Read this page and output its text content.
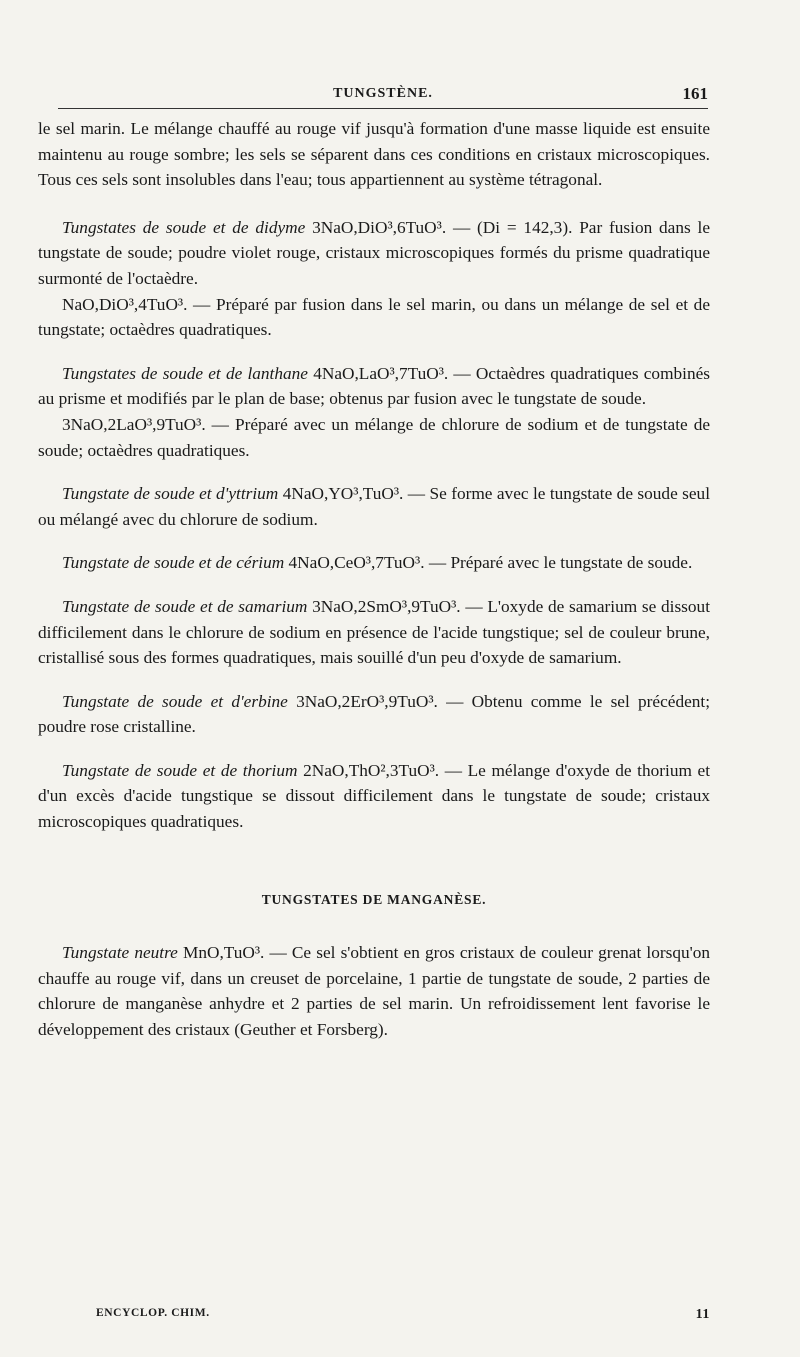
TUNGSTÈNE.	161

le sel marin. Le mélange chauffé au rouge vif jusqu'à formation d'une masse liquide est ensuite maintenu au rouge sombre; les sels se séparent dans ces conditions en cristaux microscopiques. Tous ces sels sont insolubles dans l'eau; tous appartiennent au système tétragonal.

Tungstates de soude et de didyme 3NaO,DiO³,6TuO³. — (Di = 142,3). Par fusion dans le tungstate de soude; poudre violet rouge, cristaux microscopiques formés du prisme quadratique surmonté de l'octaèdre.

NaO,DiO³,4TuO³. — Préparé par fusion dans le sel marin, ou dans un mélange de sel et de tungstate; octaèdres quadratiques.

Tungstates de soude et de lanthane 4NaO,LaO³,7TuO³. — Octaèdres quadratiques combinés au prisme et modifiés par le plan de base; obtenus par fusion avec le tungstate de soude.

3NaO,2LaO³,9TuO³. — Préparé avec un mélange de chlorure de sodium et de tungstate de soude; octaèdres quadratiques.

Tungstate de soude et d'yttrium 4NaO,YO³,TuO³. — Se forme avec le tungstate de soude seul ou mélangé avec du chlorure de sodium.

Tungstate de soude et de cérium 4NaO,CeO³,7TuO³. — Préparé avec le tungstate de soude.

Tungstate de soude et de samarium 3NaO,2SmO³,9TuO³. — L'oxyde de samarium se dissout difficilement dans le chlorure de sodium en présence de l'acide tungstique; sel de couleur brune, cristallisé sous des formes quadratiques, mais souillé d'un peu d'oxyde de samarium.

Tungstate de soude et d'erbine 3NaO,2ErO³,9TuO³. — Obtenu comme le sel précédent; poudre rose cristalline.

Tungstate de soude et de thorium 2NaO,ThO²,3TuO³. — Le mélange d'oxyde de thorium et d'un excès d'acide tungstique se dissout difficilement dans le tungstate de soude; cristaux microscopiques quadratiques.

TUNGSTATES DE MANGANÈSE.

Tungstate neutre MnO,TuO³. — Ce sel s'obtient en gros cristaux de couleur grenat lorsqu'on chauffe au rouge vif, dans un creuset de porcelaine, 1 partie de tungstate de soude, 2 parties de chlorure de manganèse anhydre et 2 parties de sel marin. Un refroidissement lent favorise le développement des cristaux (Geuther et Forsberg).

ENCYCLOP. CHIM.	11
